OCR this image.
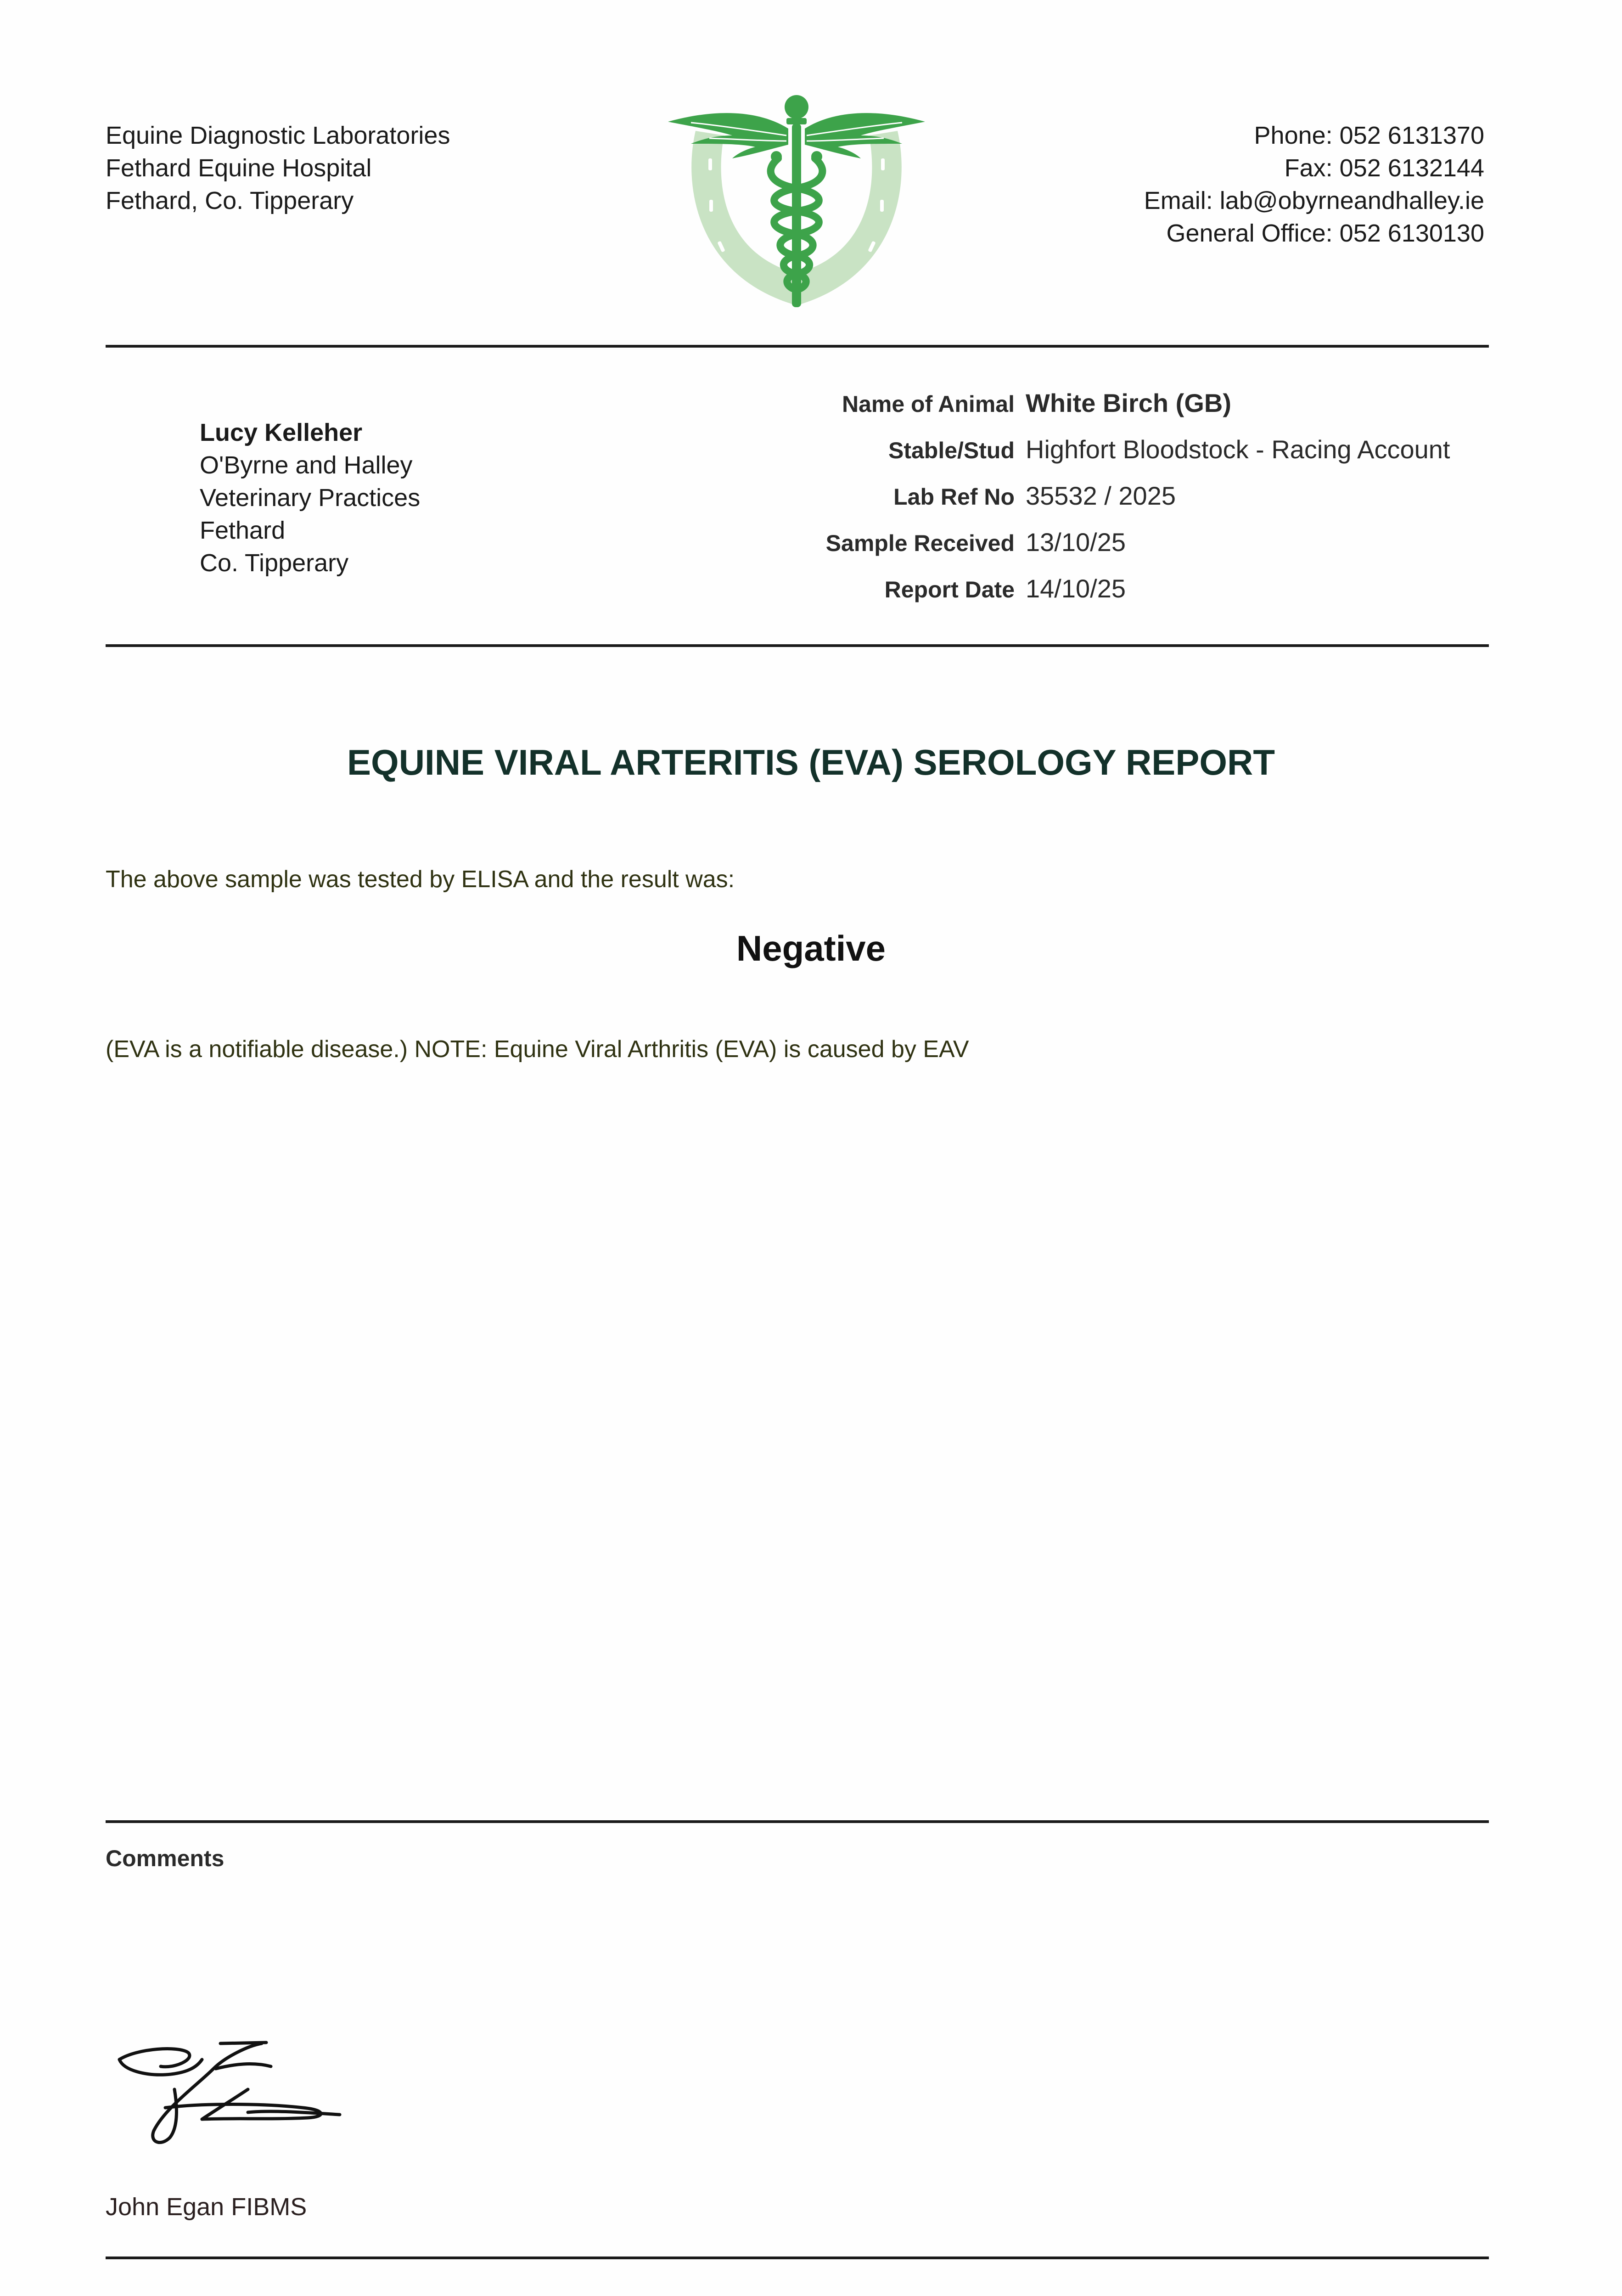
Equine Diagnostic Laboratories
Fethard Equine Hospital
Fethard, Co. Tipperary
Phone: 052 6131370
Fax: 052 6132144
Email: lab@obyrneandhalley.ie
General Office: 052 6130130
Lucy Kelleher
O'Byrne and Halley
Veterinary Practices
Fethard
Co. Tipperary
Name of Animal White Birch (GB)
Stable/Stud Highfort Bloodstock - Racing Account
Lab Ref No 35532 / 2025
Sample Received 13/10/25
Report Date 14/10/25
EQUINE VIRAL ARTERITIS (EVA) SEROLOGY REPORT
The above sample was tested by ELISA and the result was:
Negative
(EVA is a notifiable disease.) NOTE: Equine Viral Arthritis (EVA) is caused by EAV
Comments
John Egan FIBMS
